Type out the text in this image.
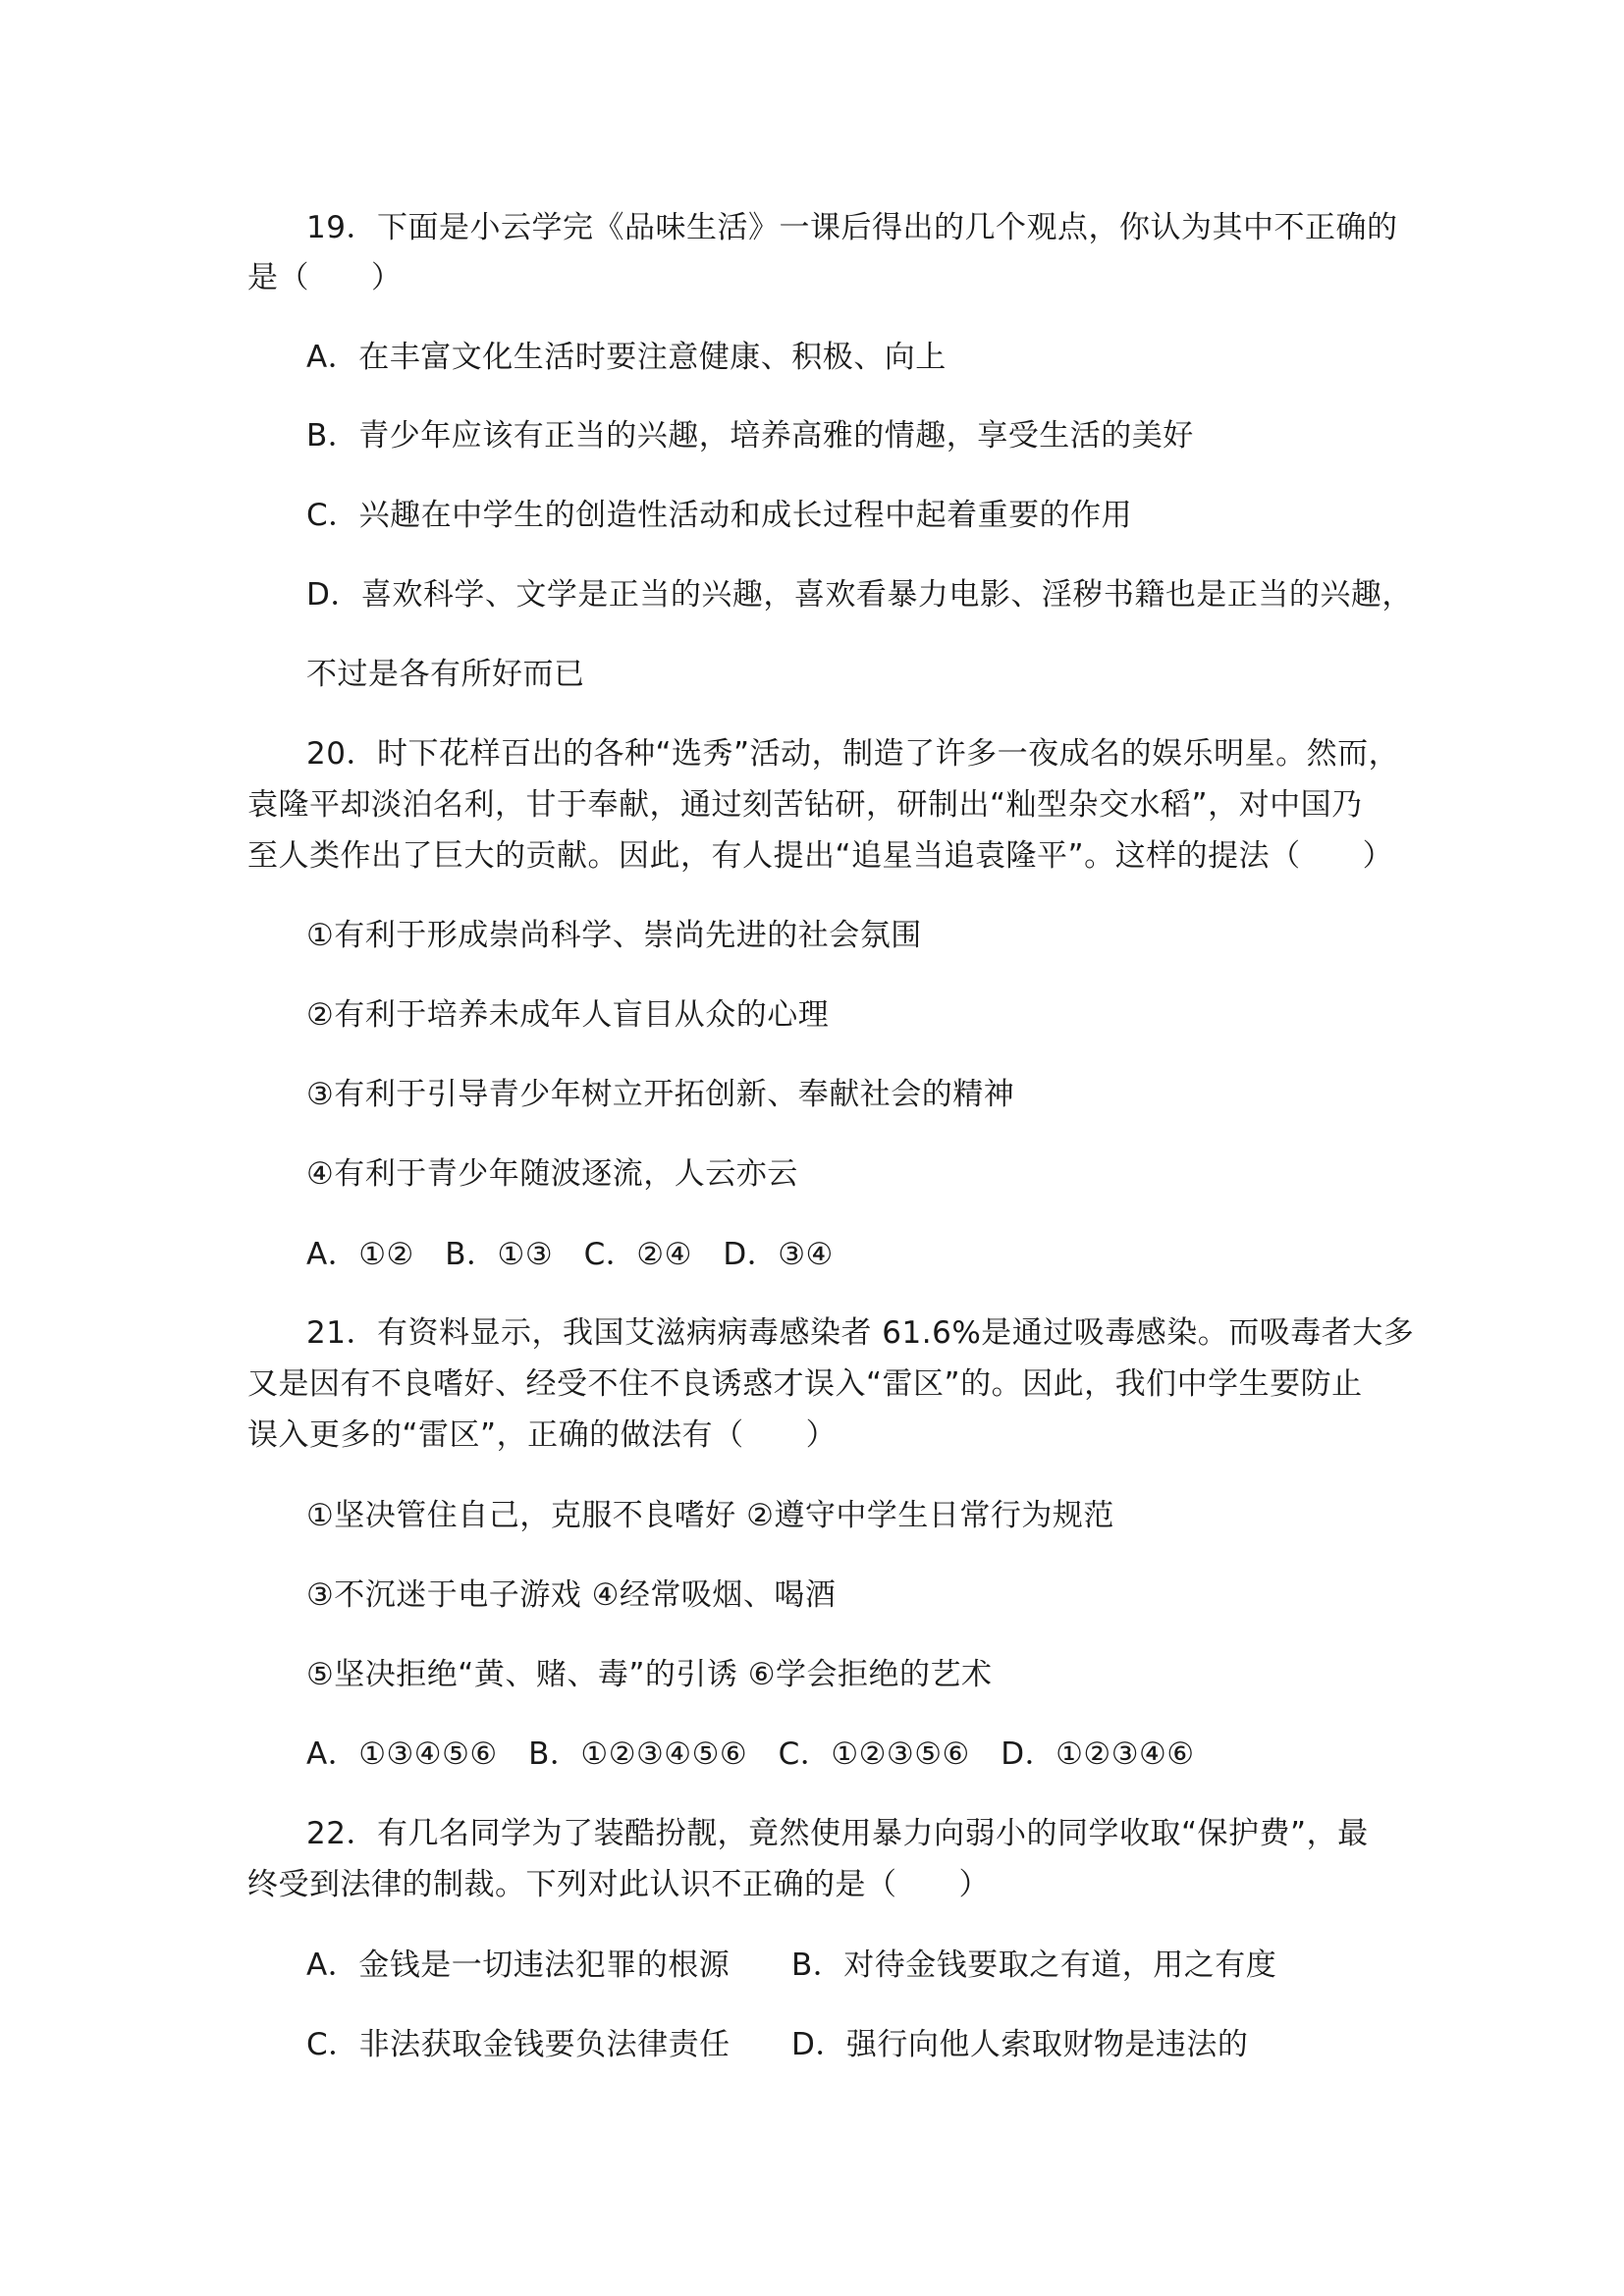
19．下面是小云学完《品味生活》一课后得出的几个观点，你认为其中不正确的
是（　　）
A．在丰富文化生活时要注意健康、积极、向上
B．青少年应该有正当的兴趣，培养高雅的情趣，享受生活的美好
C．兴趣在中学生的创造性活动和成长过程中起着重要的作用
D．喜欢科学、文学是正当的兴趣，喜欢看暴力电影、淫秽书籍也是正当的兴趣，
不过是各有所好而已
20．时下花样百出的各种“选秀”活动，制造了许多一夜成名的娱乐明星。然而，
袁隆平却淡泊名利，甘于奉献，通过刻苦钻研，研制出“籼型杂交水稻”，对中国乃
至人类作出了巨大的贡献。因此，有人提出“追星当追袁隆平”。这样的提法（　　）
①有利于形成崇尚科学、崇尚先进的社会氛围
②有利于培养未成年人盲目从众的心理
③有利于引导青少年树立开拓创新、奉献社会的精神
④有利于青少年随波逐流，人云亦云
A．①②　B．①③　C．②④　D．③④
21．有资料显示，我国艾滋病病毒感染者 61.6%是通过吸毒感染。而吸毒者大多
又是因有不良嗜好、经受不住不良诱惑才误入“雷区”的。因此，我们中学生要防止
误入更多的“雷区”，正确的做法有（　　）
①坚决管住自己，克服不良嗜好 ②遵守中学生日常行为规范
③不沉迷于电子游戏 ④经常吸烟、喝酒
⑤坚决拒绝“黄、赌、毒”的引诱 ⑥学会拒绝的艺术
A．①③④⑤⑥　B．①②③④⑤⑥　C．①②③⑤⑥　D．①②③④⑥
22．有几名同学为了装酷扮靓，竟然使用暴力向弱小的同学收取“保护费”，最
终受到法律的制裁。下列对此认识不正确的是（　　）
A．金钱是一切违法犯罪的根源 B．对待金钱要取之有道，用之有度
C．非法获取金钱要负法律责任 D．强行向他人索取财物是违法的
